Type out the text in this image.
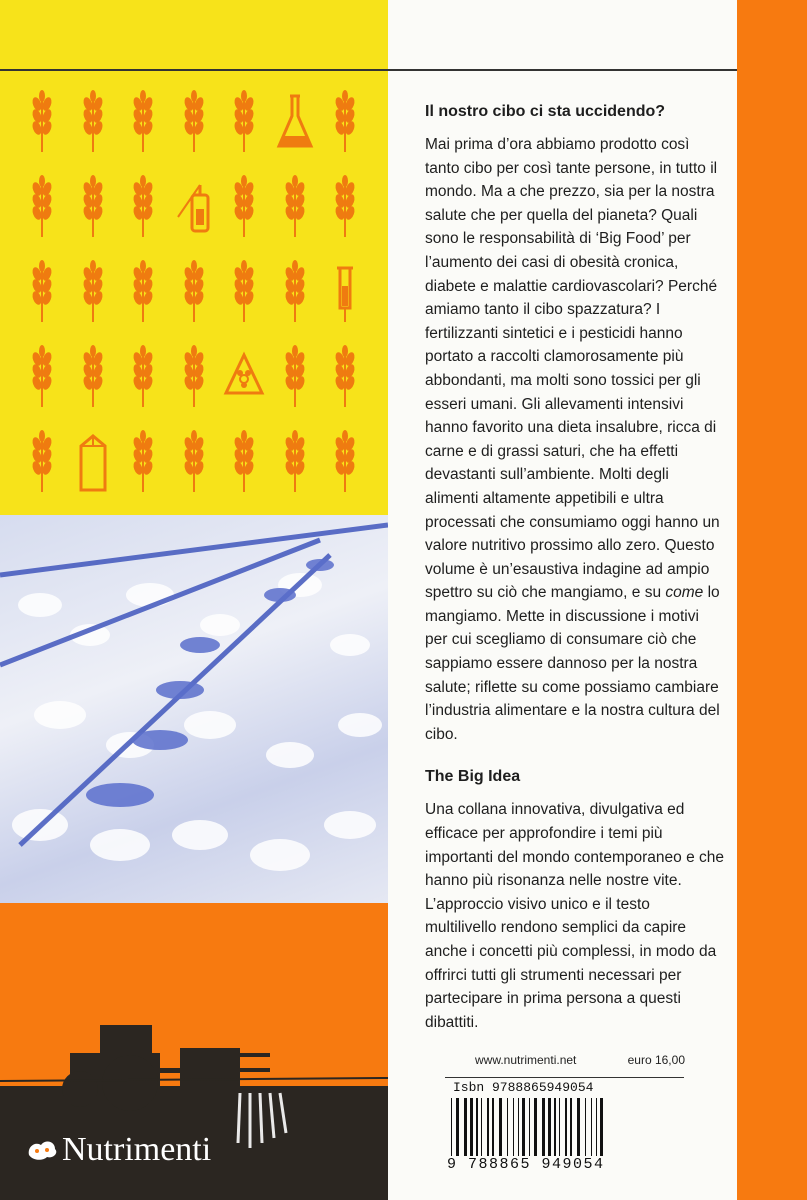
Il nostro cibo ci sta uccidendo?

Mai prima d’ora abbiamo prodotto così tanto cibo per così tante persone, in tutto il mondo. Ma a che prezzo, sia per la nostra salute che per quella del pianeta? Quali sono le responsabilità di ‘Big Food’ per l’aumento dei casi di obesità cronica, diabete e malattie cardiovascolari? Perché amiamo tanto il cibo spazzatura? I fertilizzanti sintetici e i pesticidi hanno portato a raccolti clamorosamente più abbondanti, ma molti sono tossici per gli esseri umani. Gli allevamenti intensivi hanno favorito una dieta insalubre, ricca di carne e di grassi saturi, che ha effetti devastanti sull’ambiente. Molti degli alimenti altamente appetibili e ultra processati che consumiamo oggi hanno un valore nutritivo prossimo allo zero. Questo volume è un’esaustiva indagine ad ampio spettro su ciò che mangiamo, e su come lo mangiamo. Mette in discussione i motivi per cui scegliamo di consumare ciò che sappiamo essere dannoso per la nostra salute; riflette su come possiamo cambiare l’industria alimentare e la nostra cultura del cibo.

The Big Idea

Una collana innovativa, divulgativa ed efficace per approfondire i temi più importanti del mondo contemporaneo e che hanno più risonanza nelle nostre vite. L’approccio visivo unico e il testo multilivello rendono semplici da capire anche i concetti più complessi, in modo da offrirci tutti gli strumenti necessari per partecipare in prima persona a questi dibattiti.

www.nutrimenti.net	euro 16,00
Isbn 9788865949054
9 788865 949054
Nutrimenti
